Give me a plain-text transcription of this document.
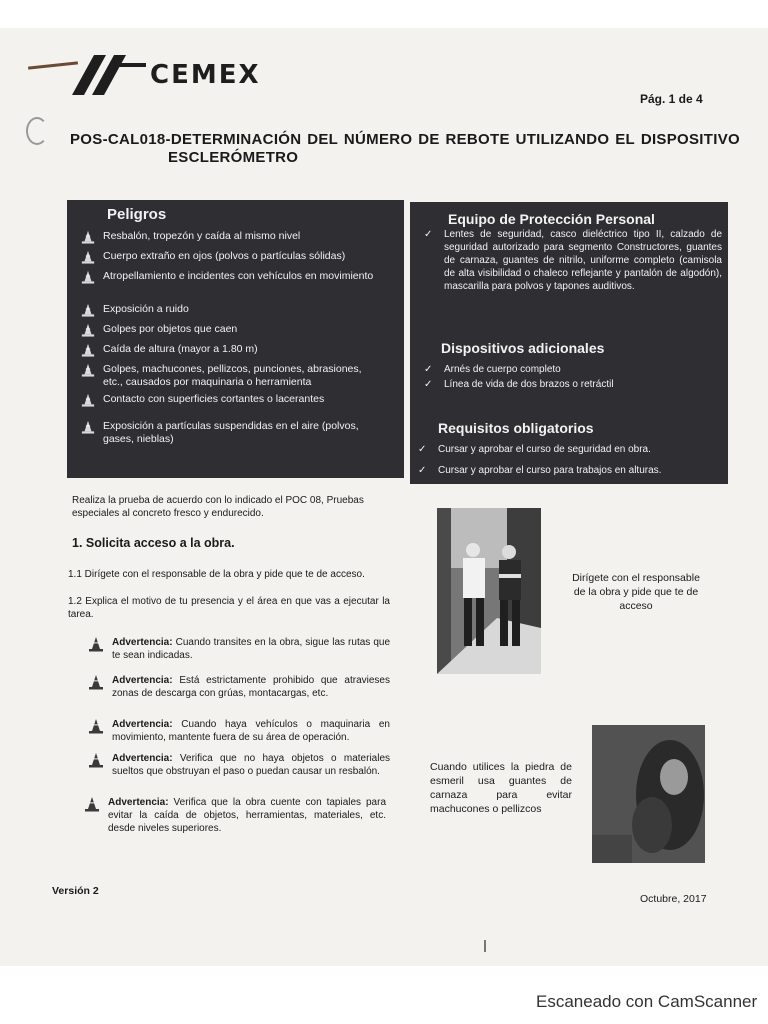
CEMEX
Pág. 1 de 4
POS-CAL018-DETERMINACIÓN DEL NÚMERO DE REBOTE UTILIZANDO EL DISPOSITIVO
ESCLERÓMETRO
Peligros
Resbalón, tropezón y caída al mismo nivel
Cuerpo extraño en ojos (polvos o partículas sólidas)
Atropellamiento e incidentes con vehículos en movimiento
Exposición a ruido
Golpes por objetos que caen
Caída de altura (mayor a 1.80 m)
Golpes, machucones, pellizcos, punciones, abrasiones, etc., causados por maquinaria o herramienta
Contacto con superficies cortantes o lacerantes
Exposición a partículas suspendidas en el aire (polvos, gases, nieblas)
Equipo de Protección Personal
✓	Lentes de seguridad, casco dieléctrico tipo II, calzado de seguridad autorizado para segmento Constructores, guantes de carnaza, guantes de nitrilo, uniforme completo (camisola de alta visibilidad o chaleco reflejante y pantalón de algodón), mascarilla para polvos y tapones auditivos.
Dispositivos adicionales
✓	Arnés de cuerpo completo
✓	Línea de vida de dos brazos o retráctil
Requisitos obligatorios
✓	Cursar y aprobar el curso de seguridad en obra.
✓	Cursar y aprobar el curso para trabajos en alturas.
Realiza la prueba de acuerdo con lo indicado el POC 08, Pruebas especiales al concreto fresco y endurecido.
1. Solicita acceso a la obra.
1.1 Dirígete con el responsable de la obra y pide que te de acceso.
1.2 Explica el motivo de tu presencia y el área en que vas a ejecutar la tarea.
Advertencia: Cuando transites en la obra, sigue las rutas que te sean indicadas.
Advertencia: Está estrictamente prohibido que atravieses zonas de descarga con grúas, montacargas, etc.
Advertencia: Cuando haya vehículos o maquinaria en movimiento, mantente fuera de su área de operación.
Advertencia: Verifica que no haya objetos o materiales sueltos que obstruyan el paso o puedan causar un resbalón.
Advertencia: Verifica que la obra cuente con tapiales para evitar la caída de objetos, herramientas, materiales, etc. desde niveles superiores.
Dirígete con el responsable de la obra y pide que te de acceso
Cuando utilices la piedra de esmeril usa guantes de carnaza para evitar machucones o pellizcos
Versión 2
Octubre, 2017
Escaneado con CamScanner
